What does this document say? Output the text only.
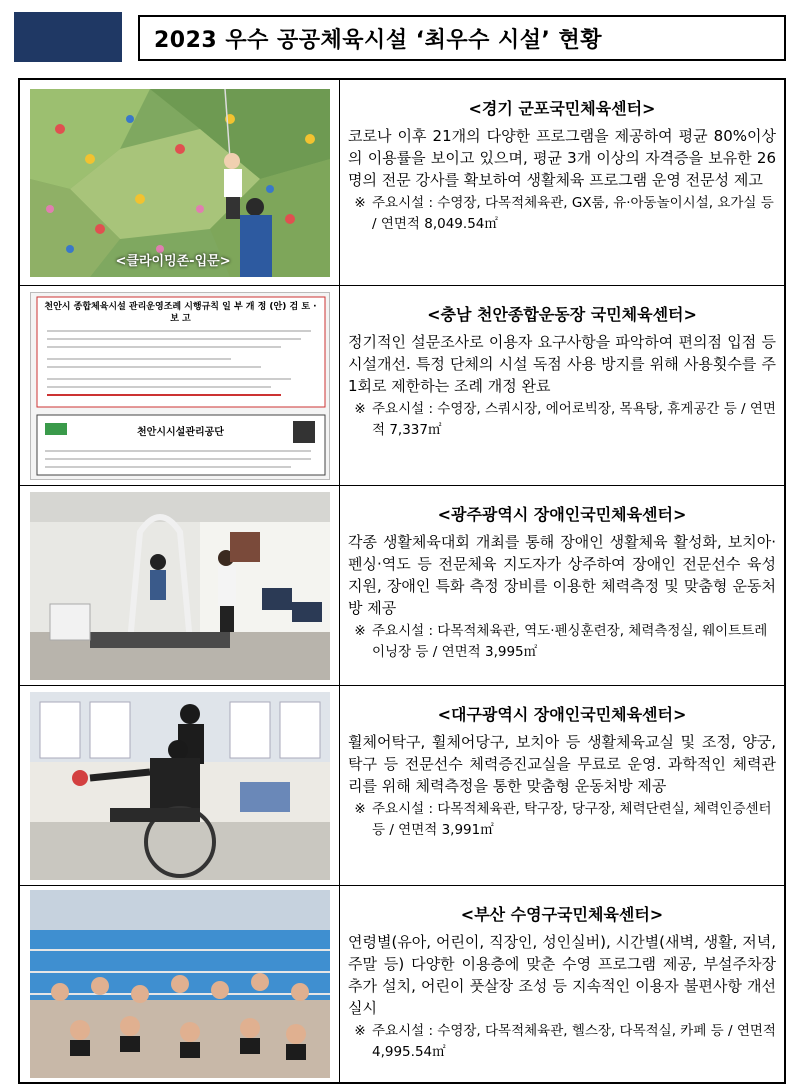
2023 우수 공공체육시설 ‘최우수 시설’ 현황
<클라이밍존-입문>
<경기 군포국민체육센터>
코로나 이후 21개의 다양한 프로그램을 제공하여 평균 80%이상의 이용률을 보이고 있으며, 평균 3개 이상의 자격증을 보유한 26명의 전문 강사를 확보하여 생활체육 프로그램 운영 전문성 제고
※ 주요시설 : 수영장, 다목적체육관, GX룸, 유‧아동놀이시설, 요가실 등 / 연면적 8,049.54㎡
천안시 종합체육시설 관리운영조례 시행규칙 일 부 개 정 (안) 검 토 · 보 고
천안시시설관리공단
<충남 천안종합운동장 국민체육센터>
정기적인 설문조사로 이용자 요구사항을 파악하여 편의점 입점 등 시설개선. 특정 단체의 시설 독점 사용 방지를 위해 사용횟수를 주 1회로 제한하는 조례 개정 완료
※ 주요시설 : 수영장, 스쿼시장, 에어로빅장, 목욕탕, 휴게공간 등 / 연면적 7,337㎡
<광주광역시 장애인국민체육센터>
각종 생활체육대회 개최를 통해 장애인 생활체육 활성화, 보치아‧펜싱‧역도 등 전문체육 지도자가 상주하여 장애인 전문선수 육성 지원, 장애인 특화 측정 장비를 이용한 체력측정 및 맞춤형 운동처방 제공
※ 주요시설 : 다목적체육관, 역도‧펜싱훈련장, 체력측정실, 웨이트트레이닝장 등 / 연면적 3,995㎡
<대구광역시 장애인국민체육센터>
휠체어탁구, 휠체어당구, 보치아 등 생활체육교실 및 조정, 양궁, 탁구 등 전문선수 체력증진교실을 무료로 운영. 과학적인 체력관리를 위해 체력측정을 통한 맞춤형 운동처방 제공
※ 주요시설 : 다목적체육관, 탁구장, 당구장, 체력단련실, 체력인증센터 등 / 연면적 3,991㎡
<부산 수영구국민체육센터>
연령별(유아, 어린이, 직장인, 성인실버), 시간별(새벽, 생활, 저녁, 주말 등) 다양한 이용층에 맞춘 수영 프로그램 제공, 부설주차장 추가 설치, 어린이 풋살장 조성 등 지속적인 이용자 불편사항 개선 실시
※ 주요시설 : 수영장, 다목적체육관, 헬스장, 다목적실, 카페 등 / 연면적 4,995.54㎡
